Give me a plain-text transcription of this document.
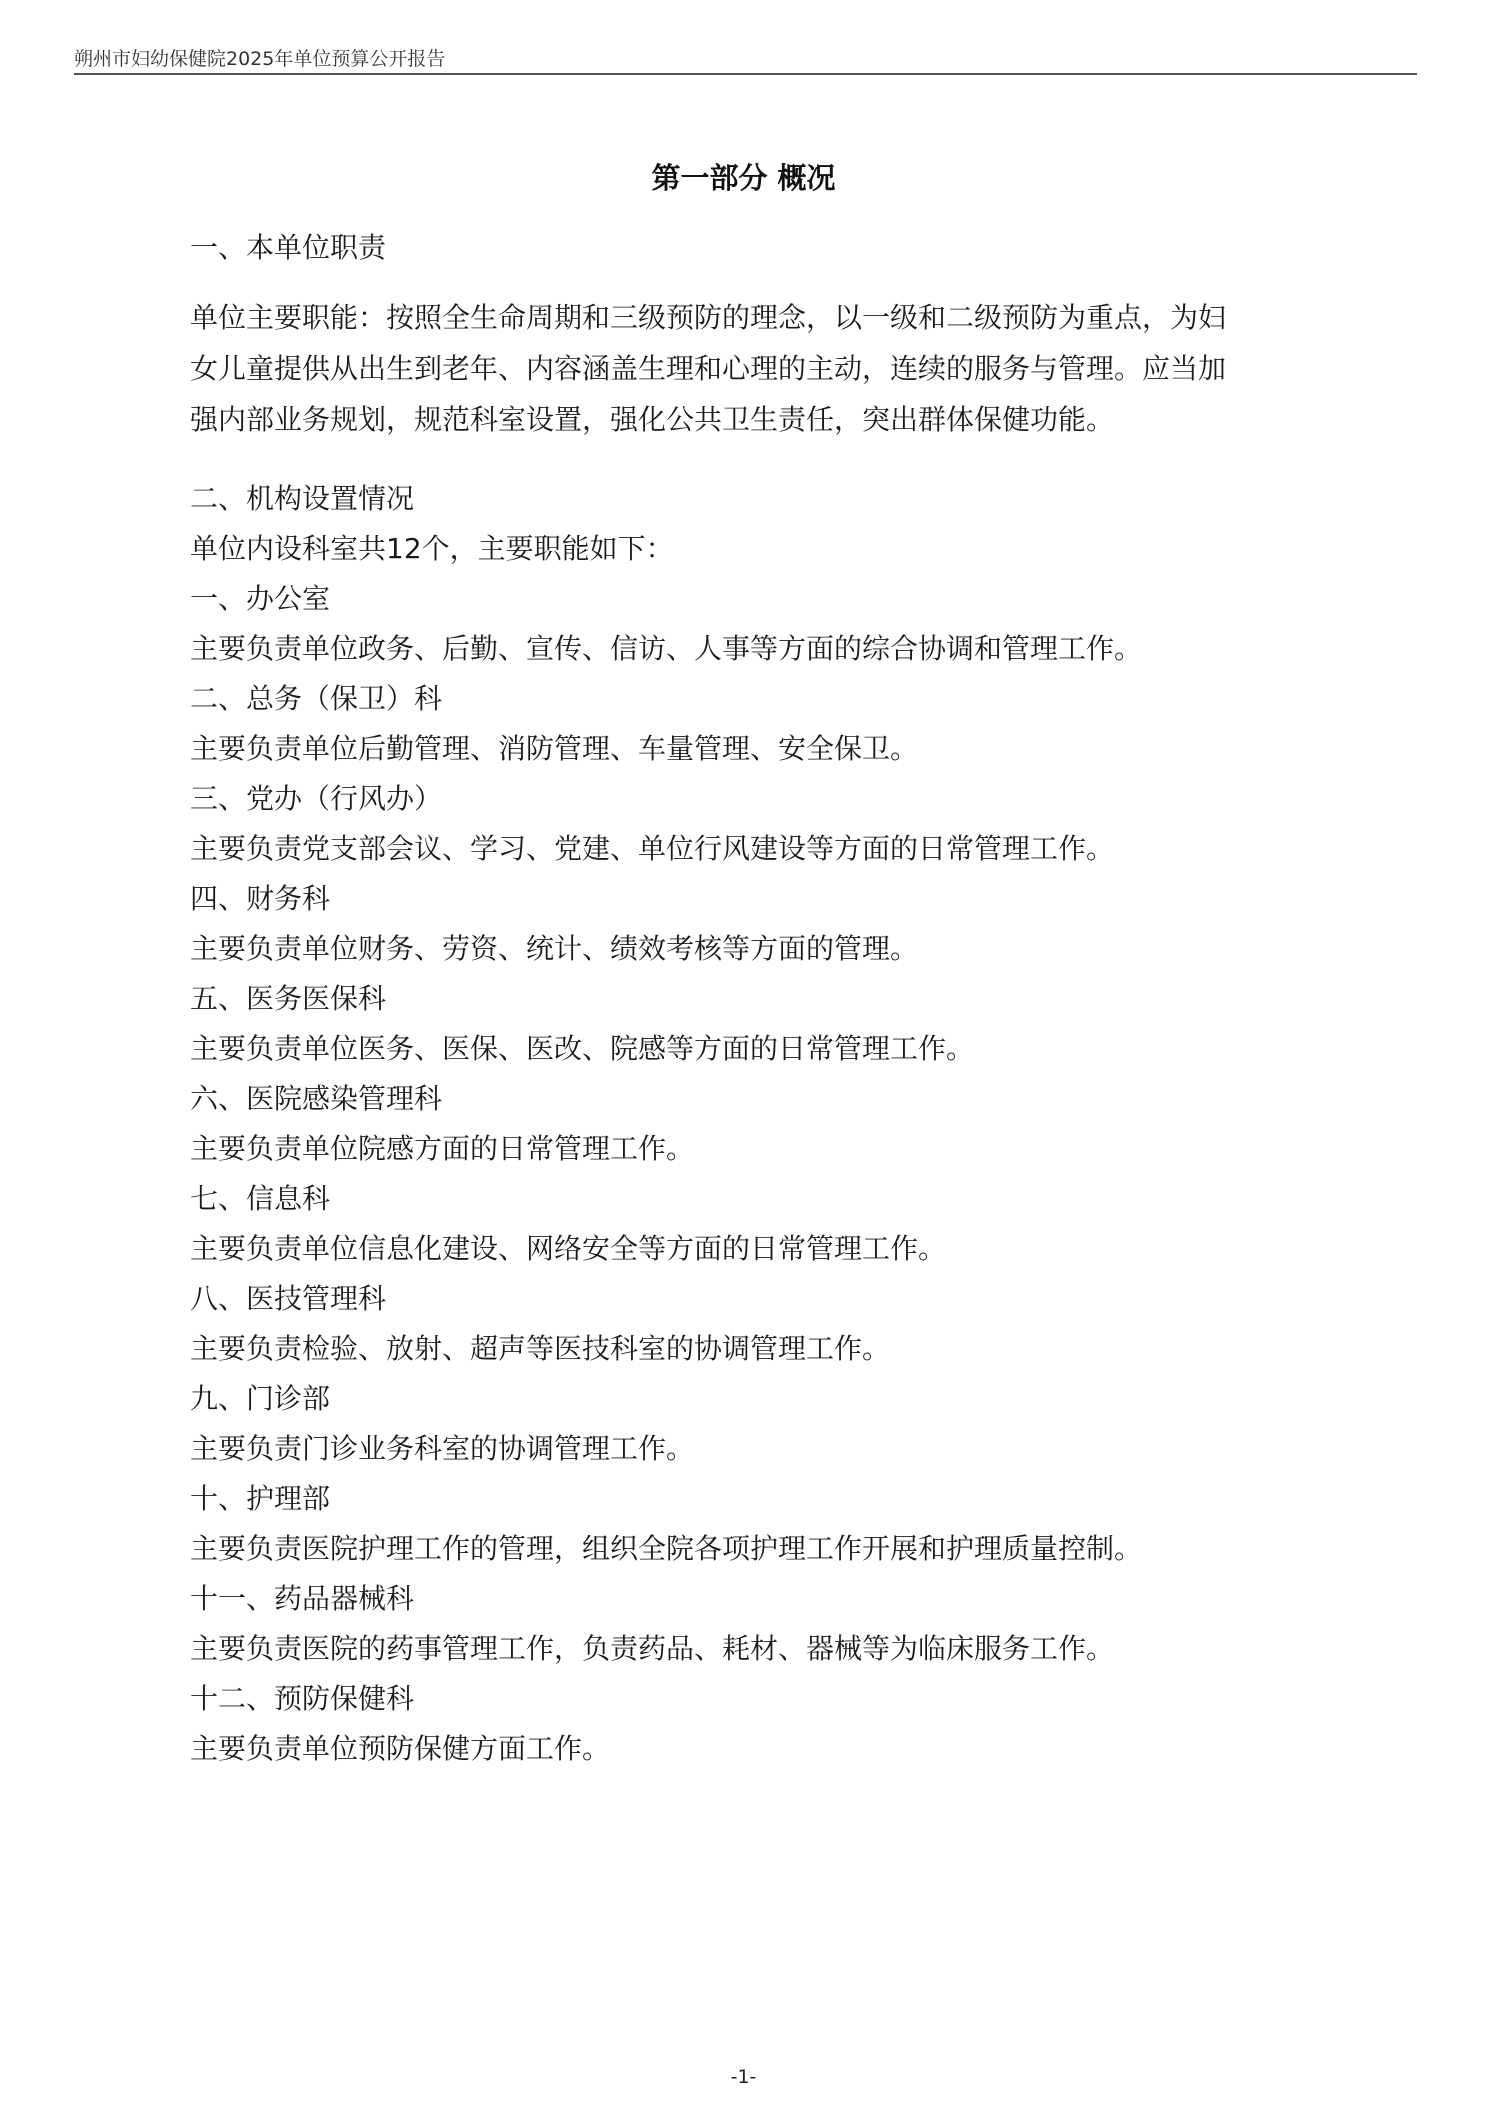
朔州市妇幼保健院2025年单位预算公开报告
第一部分 概况
一、本单位职责

单位主要职能：按照全生命周期和三级预防的理念，以一级和二级预防为重点，为妇

女儿童提供从出生到老年、内容涵盖生理和心理的主动，连续的服务与管理。应当加

强内部业务规划，规范科室设置，强化公共卫生责任，突出群体保健功能。

二、机构设置情况

单位内设科室共12个，主要职能如下：

一、办公室

主要负责单位政务、后勤、宣传、信访、人事等方面的综合协调和管理工作。

二、总务（保卫）科

主要负责单位后勤管理、消防管理、车量管理、安全保卫。

三、党办（行风办）

主要负责党支部会议、学习、党建、单位行风建设等方面的日常管理工作。

四、财务科

主要负责单位财务、劳资、统计、绩效考核等方面的管理。

五、医务医保科

主要负责单位医务、医保、医改、院感等方面的日常管理工作。

六、医院感染管理科

主要负责单位院感方面的日常管理工作。

七、信息科

主要负责单位信息化建设、网络安全等方面的日常管理工作。

八、医技管理科

主要负责检验、放射、超声等医技科室的协调管理工作。

九、门诊部

主要负责门诊业务科室的协调管理工作。

十、护理部

主要负责医院护理工作的管理，组织全院各项护理工作开展和护理质量控制。

十一、药品器械科

主要负责医院的药事管理工作，负责药品、耗材、器械等为临床服务工作。

十二、预防保健科

主要负责单位预防保健方面工作。

-1-
